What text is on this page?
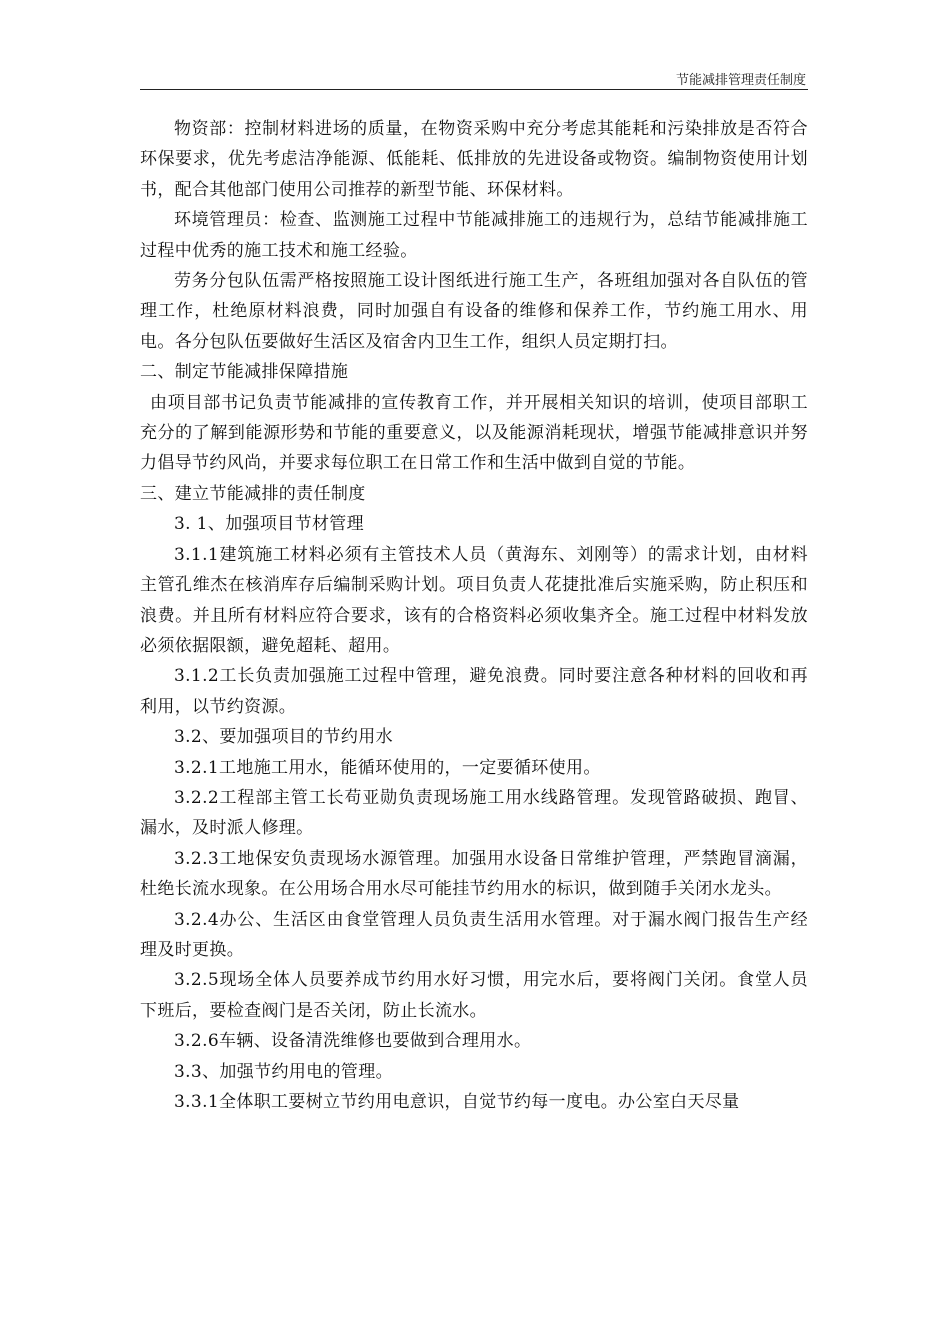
节能减排管理责任制度

物资部：控制材料进场的质量，在物资采购中充分考虑其能耗和污染排放是否符合环保要求，优先考虑洁净能源、低能耗、低排放的先进设备或物资。编制物资使用计划书，配合其他部门使用公司推荐的新型节能、环保材料。

环境管理员：检查、监测施工过程中节能减排施工的违规行为，总结节能减排施工过程中优秀的施工技术和施工经验。

劳务分包队伍需严格按照施工设计图纸进行施工生产，各班组加强对各自队伍的管理工作，杜绝原材料浪费，同时加强自有设备的维修和保养工作，节约施工用水、用电。各分包队伍要做好生活区及宿舍内卫生工作，组织人员定期打扫。

二、制定节能减排保障措施

由项目部书记负责节能减排的宣传教育工作，并开展相关知识的培训，使项目部职工充分的了解到能源形势和节能的重要意义，以及能源消耗现状，增强节能减排意识并努力倡导节约风尚，并要求每位职工在日常工作和生活中做到自觉的节能。

三、建立节能减排的责任制度

3. 1、加强项目节材管理

3.1.1建筑施工材料必须有主管技术人员（黄海东、刘刚等）的需求计划，由材料主管孔维杰在核消库存后编制采购计划。项目负责人花捷批准后实施采购，防止积压和浪费。并且所有材料应符合要求，该有的合格资料必须收集齐全。施工过程中材料发放必须依据限额，避免超耗、超用。

3.1.2工长负责加强施工过程中管理，避免浪费。同时要注意各种材料的回收和再利用，以节约资源。

3.2、要加强项目的节约用水

3.2.1工地施工用水，能循环使用的，一定要循环使用。

3.2.2工程部主管工长苟亚勋负责现场施工用水线路管理。发现管路破损、跑冒、漏水，及时派人修理。

3.2.3工地保安负责现场水源管理。加强用水设备日常维护管理，严禁跑冒滴漏，杜绝长流水现象。在公用场合用水尽可能挂节约用水的标识，做到随手关闭水龙头。

3.2.4办公、生活区由食堂管理人员负责生活用水管理。对于漏水阀门报告生产经理及时更换。

3.2.5现场全体人员要养成节约用水好习惯，用完水后，要将阀门关闭。食堂人员下班后，要检查阀门是否关闭，防止长流水。

3.2.6车辆、设备清洗维修也要做到合理用水。

3.3、加强节约用电的管理。

3.3.1全体职工要树立节约用电意识，自觉节约每一度电。办公室白天尽量
